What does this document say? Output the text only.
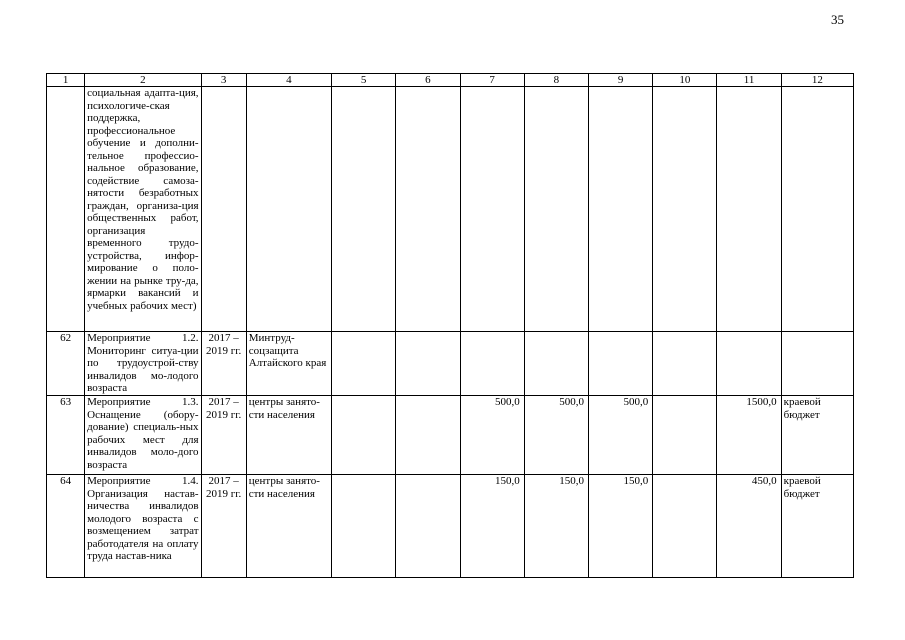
35
1	2	3	4	5	6	7	8	9	10	11	12
	социальная адапта-ция, психологиче-ская поддержка, профессиональное обучение и дополни-тельное профессио-нальное образование, содействие самоза-нятости безработных граждан, организа-ция общественных работ, организация временного трудо-устройства, инфор-мирование о поло-жении на рынке тру-да, ярмарки вакансий и учебных рабочих мест)										
62	Мероприятие 1.2. Мониторинг ситуа-ции по трудоустрой-ству инвалидов мо-лодого возраста	2017 – 2019 гг.	Минтруд-соцзащита Алтайского края								
63	Мероприятие 1.3. Оснащение (обору-дование) специаль-ных рабочих мест для инвалидов моло-дого возраста	2017 – 2019 гг.	центры занято-сти населения			500,0	500,0	500,0		1500,0	краевой бюджет
64	Мероприятие 1.4. Организация настав-ничества инвалидов молодого возраста с возмещением затрат работодателя на оплату труда настав-ника	2017 – 2019 гг.	центры занято-сти населения			150,0	150,0	150,0		450,0	краевой бюджет
